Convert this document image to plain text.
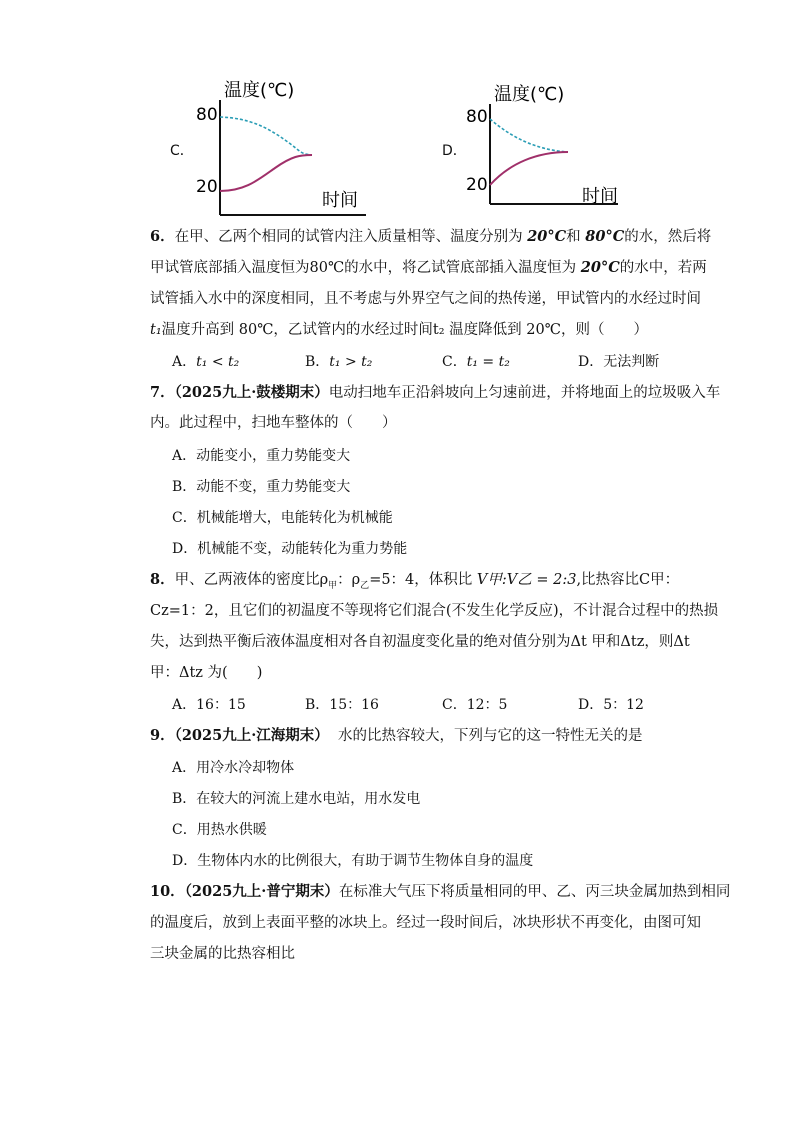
C．
温度(℃)
80
20
时间
D．
温度(℃)
80
20
时间
6．在甲、乙两个相同的试管内注入质量相等、温度分别为 20°C和 80°C的水，然后将
甲试管底部插入温度恒为80℃的水中，将乙试管底部插入温度恒为 20°C的水中，若两
试管插入水中的深度相同，且不考虑与外界空气之间的热传递，甲试管内的水经过时间
t₁温度升高到 80℃，乙试管内的水经过时间t₂ 温度降低到 20℃，则（　　）
A．t₁ < t₂	B．t₁ > t₂	C．t₁ = t₂	D．无法判断
7．（2025九上·鼓楼期末）电动扫地车正沿斜坡向上匀速前进，并将地面上的垃圾吸入车
内。此过程中，扫地车整体的（　　）
A．动能变小，重力势能变大
B．动能不变，重力势能变大
C．机械能增大，电能转化为机械能
D．机械能不变，动能转化为重力势能
8．甲、乙两液体的密度比$\rho_甲$：$\rho_乙=5$：4，体积比 V甲:V乙 = 2:3,比热容比C甲：
Cz=1：2，且它们的初温度不等现将它们混合(不发生化学反应)，不计混合过程中的热损
失，达到热平衡后液体温度相对各自初温度变化量的绝对值分别为Δt 甲和Δtz，则Δt
甲：Δtz 为(　　)
A．16：15	B．15：16	C．12：5	D．5：12
9．（2025九上·江海期末）  水的比热容较大，下列与它的这一特性无关的是
A．用冷水冷却物体
B．在较大的河流上建水电站，用水发电
C．用热水供暖
D．生物体内水的比例很大，有助于调节生物体自身的温度
10．（2025九上·普宁期末）在标准大气压下将质量相同的甲、乙、丙三块金属加热到相同
的温度后，放到上表面平整的冰块上。经过一段时间后，冰块形状不再变化，由图可知
三块金属的比热容相比
